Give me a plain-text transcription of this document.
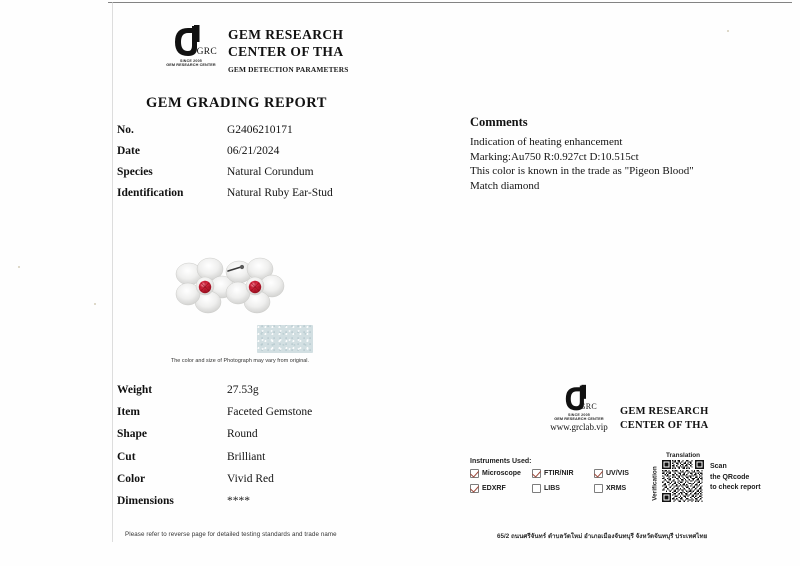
GRC
SINCE 2005
GEM RESEARCH CENTER
GEM RESEARCH
CENTER OF THA
GEM DETECTION PARAMETERS
GEM GRADING REPORT
No.	G2406210171
Date	06/21/2024
Species	Natural Corundum
Identification	Natural Ruby Ear-Stud
Comments
Indication of heating enhancement
Marking:Au750 R:0.927ct D:10.515ct
This color is known in the trade as "Pigeon Blood"
Match diamond
The color and size of Photograph may vary from original.
Weight	27.53g
Item	Faceted Gemstone
Shape	Round
Cut	Brilliant
Color	Vivid Red
Dimensions	****
GRC
SINCE 2005
GEM RESEARCH CENTER
www.grclab.vip
GEM RESEARCH
CENTER OF THA
Instruments Used:
Microscope	FTIR/NIR	UV/VIS
EDXRF	LIBS	XRMS
Translation
Verification	Scan
the QRcode
to check report
Please refer to reverse page for detailed testing standards and trade name	65/2 ถนนศรีจันทร์ ตำบลวัดใหม่ อำเภอเมืองจันทบุรี จังหวัดจันทบุรี ประเทศไทย
